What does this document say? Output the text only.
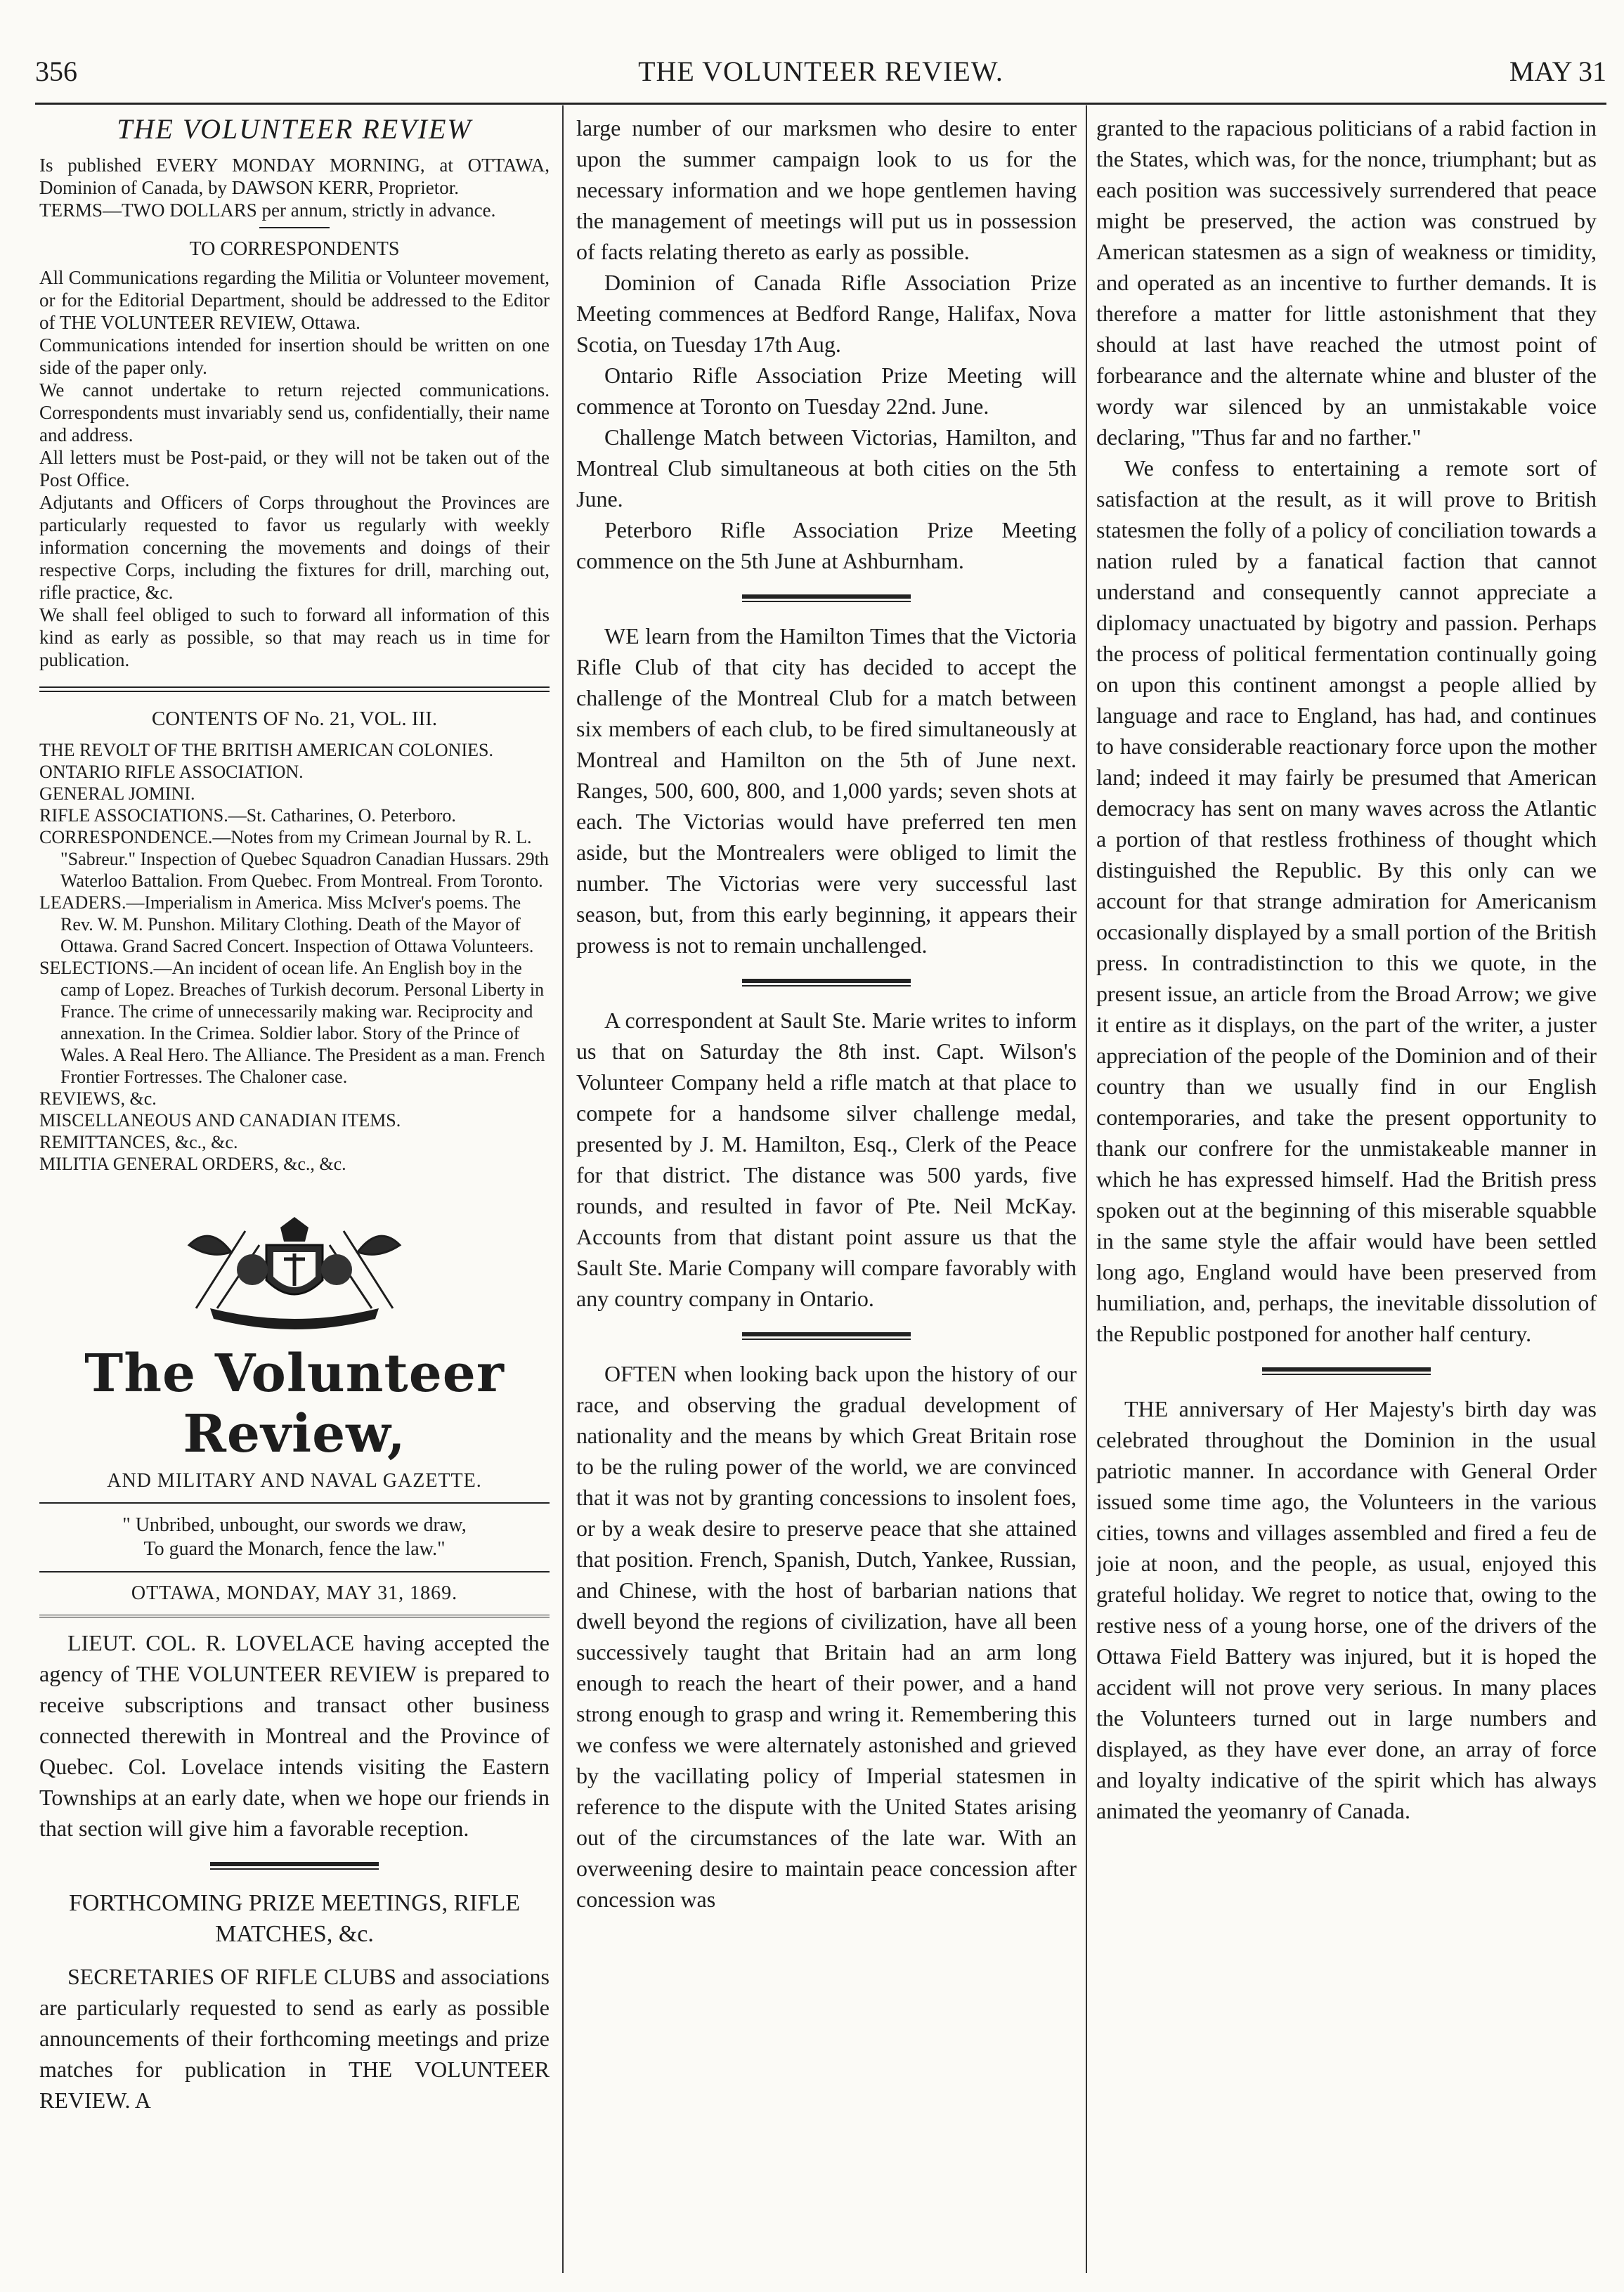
356	THE VOLUNTEER REVIEW.	MAY 31
THE VOLUNTEER REVIEW

Is published EVERY MONDAY MORNING, at OTTAWA, Dominion of Canada, by DAWSON KERR, Proprietor.

TERMS—TWO DOLLARS per annum, strictly in advance.

TO CORRESPONDENTS

All Communications regarding the Militia or Volunteer movement, or for the Editorial Department, should be addressed to the Editor of THE VOLUNTEER REVIEW, Ottawa.

Communications intended for insertion should be written on one side of the paper only.

We cannot undertake to return rejected communications. Correspondents must invariably send us, confidentially, their name and address.

All letters must be Post-paid, or they will not be taken out of the Post Office.

Adjutants and Officers of Corps throughout the Provinces are particularly requested to favor us regularly with weekly information concerning the movements and doings of their respective Corps, including the fixtures for drill, marching out, rifle practice, &c.

We shall feel obliged to such to forward all information of this kind as early as possible, so that may reach us in time for publication.

CONTENTS OF No. 21, VOL. III.
THE REVOLT OF THE BRITISH AMERICAN COLONIES.
ONTARIO RIFLE ASSOCIATION.
GENERAL JOMINI.
RIFLE ASSOCIATIONS.—St. Catharines, O. Peterboro.
CORRESPONDENCE.—Notes from my Crimean Journal by R. L. "Sabreur." Inspection of Quebec Squadron Canadian Hussars. 29th Waterloo Battalion. From Quebec. From Montreal. From Toronto.
LEADERS.—Imperialism in America. Miss McIver's poems. The Rev. W. M. Punshon. Military Clothing. Death of the Mayor of Ottawa. Grand Sacred Concert. Inspection of Ottawa Volunteers.
SELECTIONS.—An incident of ocean life. An English boy in the camp of Lopez. Breaches of Turkish decorum. Personal Liberty in France. The crime of unnecessarily making war. Reciprocity and annexation. In the Crimea. Soldier labor. Story of the Prince of Wales. A Real Hero. The Alliance. The President as a man. French Frontier Fortresses. The Chaloner case.
REVIEWS, &c.
MISCELLANEOUS AND CANADIAN ITEMS.
REMITTANCES, &c., &c.
MILITIA GENERAL ORDERS, &c., &c.
The Volunteer Review,
AND MILITARY AND NAVAL GAZETTE.
" Unbribed, unbought, our swords we draw,
To guard the Monarch, fence the law."
OTTAWA, MONDAY, MAY 31, 1869.

LIEUT. COL. R. LOVELACE having accepted the agency of THE VOLUNTEER REVIEW is prepared to receive subscriptions and transact other business connected therewith in Montreal and the Province of Quebec. Col. Lovelace intends visiting the Eastern Townships at an early date, when we hope our friends in that section will give him a favorable reception.

FORTHCOMING PRIZE MEETINGS, RIFLE MATCHES, &c.

SECRETARIES OF RIFLE CLUBS and associations are particularly requested to send as early as possible announcements of their forthcoming meetings and prize matches for publication in THE VOLUNTEER REVIEW. A

large number of our marksmen who desire to enter upon the summer campaign look to us for the necessary information and we hope gentlemen having the management of meetings will put us in possession of facts relating thereto as early as possible.

Dominion of Canada Rifle Association Prize Meeting commences at Bedford Range, Halifax, Nova Scotia, on Tuesday 17th Aug.

Ontario Rifle Association Prize Meeting will commence at Toronto on Tuesday 22nd. June.

Challenge Match between Victorias, Hamilton, and Montreal Club simultaneous at both cities on the 5th June.

Peterboro Rifle Association Prize Meeting commence on the 5th June at Ashburnham.

WE learn from the Hamilton Times that the Victoria Rifle Club of that city has decided to accept the challenge of the Montreal Club for a match between six members of each club, to be fired simultaneously at Montreal and Hamilton on the 5th of June next. Ranges, 500, 600, 800, and 1,000 yards; seven shots at each. The Victorias would have preferred ten men aside, but the Montrealers were obliged to limit the number. The Victorias were very successful last season, but, from this early beginning, it appears their prowess is not to remain unchallenged.

A correspondent at Sault Ste. Marie writes to inform us that on Saturday the 8th inst. Capt. Wilson's Volunteer Company held a rifle match at that place to compete for a handsome silver challenge medal, presented by J. M. Hamilton, Esq., Clerk of the Peace for that district. The distance was 500 yards, five rounds, and resulted in favor of Pte. Neil McKay. Accounts from that distant point assure us that the Sault Ste. Marie Company will compare favorably with any country company in Ontario.

OFTEN when looking back upon the history of our race, and observing the gradual development of nationality and the means by which Great Britain rose to be the ruling power of the world, we are convinced that it was not by granting concessions to insolent foes, or by a weak desire to preserve peace that she attained that position. French, Spanish, Dutch, Yankee, Russian, and Chinese, with the host of barbarian nations that dwell beyond the regions of civilization, have all been successively taught that Britain had an arm long enough to reach the heart of their power, and a hand strong enough to grasp and wring it. Remembering this we confess we were alternately astonished and grieved by the vacillating policy of Imperial statesmen in reference to the dispute with the United States arising out of the circumstances of the late war. With an overweening desire to maintain peace concession after concession was

granted to the rapacious politicians of a rabid faction in the States, which was, for the nonce, triumphant; but as each position was successively surrendered that peace might be preserved, the action was construed by American statesmen as a sign of weakness or timidity, and operated as an incentive to further demands. It is therefore a matter for little astonishment that they should at last have reached the utmost point of forbearance and the alternate whine and bluster of the wordy war silenced by an unmistakable voice declaring, "Thus far and no farther."

We confess to entertaining a remote sort of satisfaction at the result, as it will prove to British statesmen the folly of a policy of conciliation towards a nation ruled by a fanatical faction that cannot understand and consequently cannot appreciate a diplomacy unactuated by bigotry and passion. Perhaps the process of political fermentation continually going on upon this continent amongst a people allied by language and race to England, has had, and continues to have considerable reactionary force upon the mother land; indeed it may fairly be presumed that American democracy has sent on many waves across the Atlantic a portion of that restless frothiness of thought which distinguished the Republic. By this only can we account for that strange admiration for Americanism occasionally displayed by a small portion of the British press. In contradistinction to this we quote, in the present issue, an article from the Broad Arrow; we give it entire as it displays, on the part of the writer, a juster appreciation of the people of the Dominion and of their country than we usually find in our English contemporaries, and take the present opportunity to thank our confrere for the unmistakeable manner in which he has expressed himself. Had the British press spoken out at the beginning of this miserable squabble in the same style the affair would have been settled long ago, England would have been preserved from humiliation, and, perhaps, the inevitable dissolution of the Republic postponed for another half century.

THE anniversary of Her Majesty's birth day was celebrated throughout the Dominion in the usual patriotic manner. In accordance with General Order issued some time ago, the Volunteers in the various cities, towns and villages assembled and fired a feu de joie at noon, and the people, as usual, enjoyed this grateful holiday. We regret to notice that, owing to the restive ness of a young horse, one of the drivers of the Ottawa Field Battery was injured, but it is hoped the accident will not prove very serious. In many places the Volunteers turned out in large numbers and displayed, as they have ever done, an array of force and loyalty indicative of the spirit which has always animated the yeomanry of Canada.
